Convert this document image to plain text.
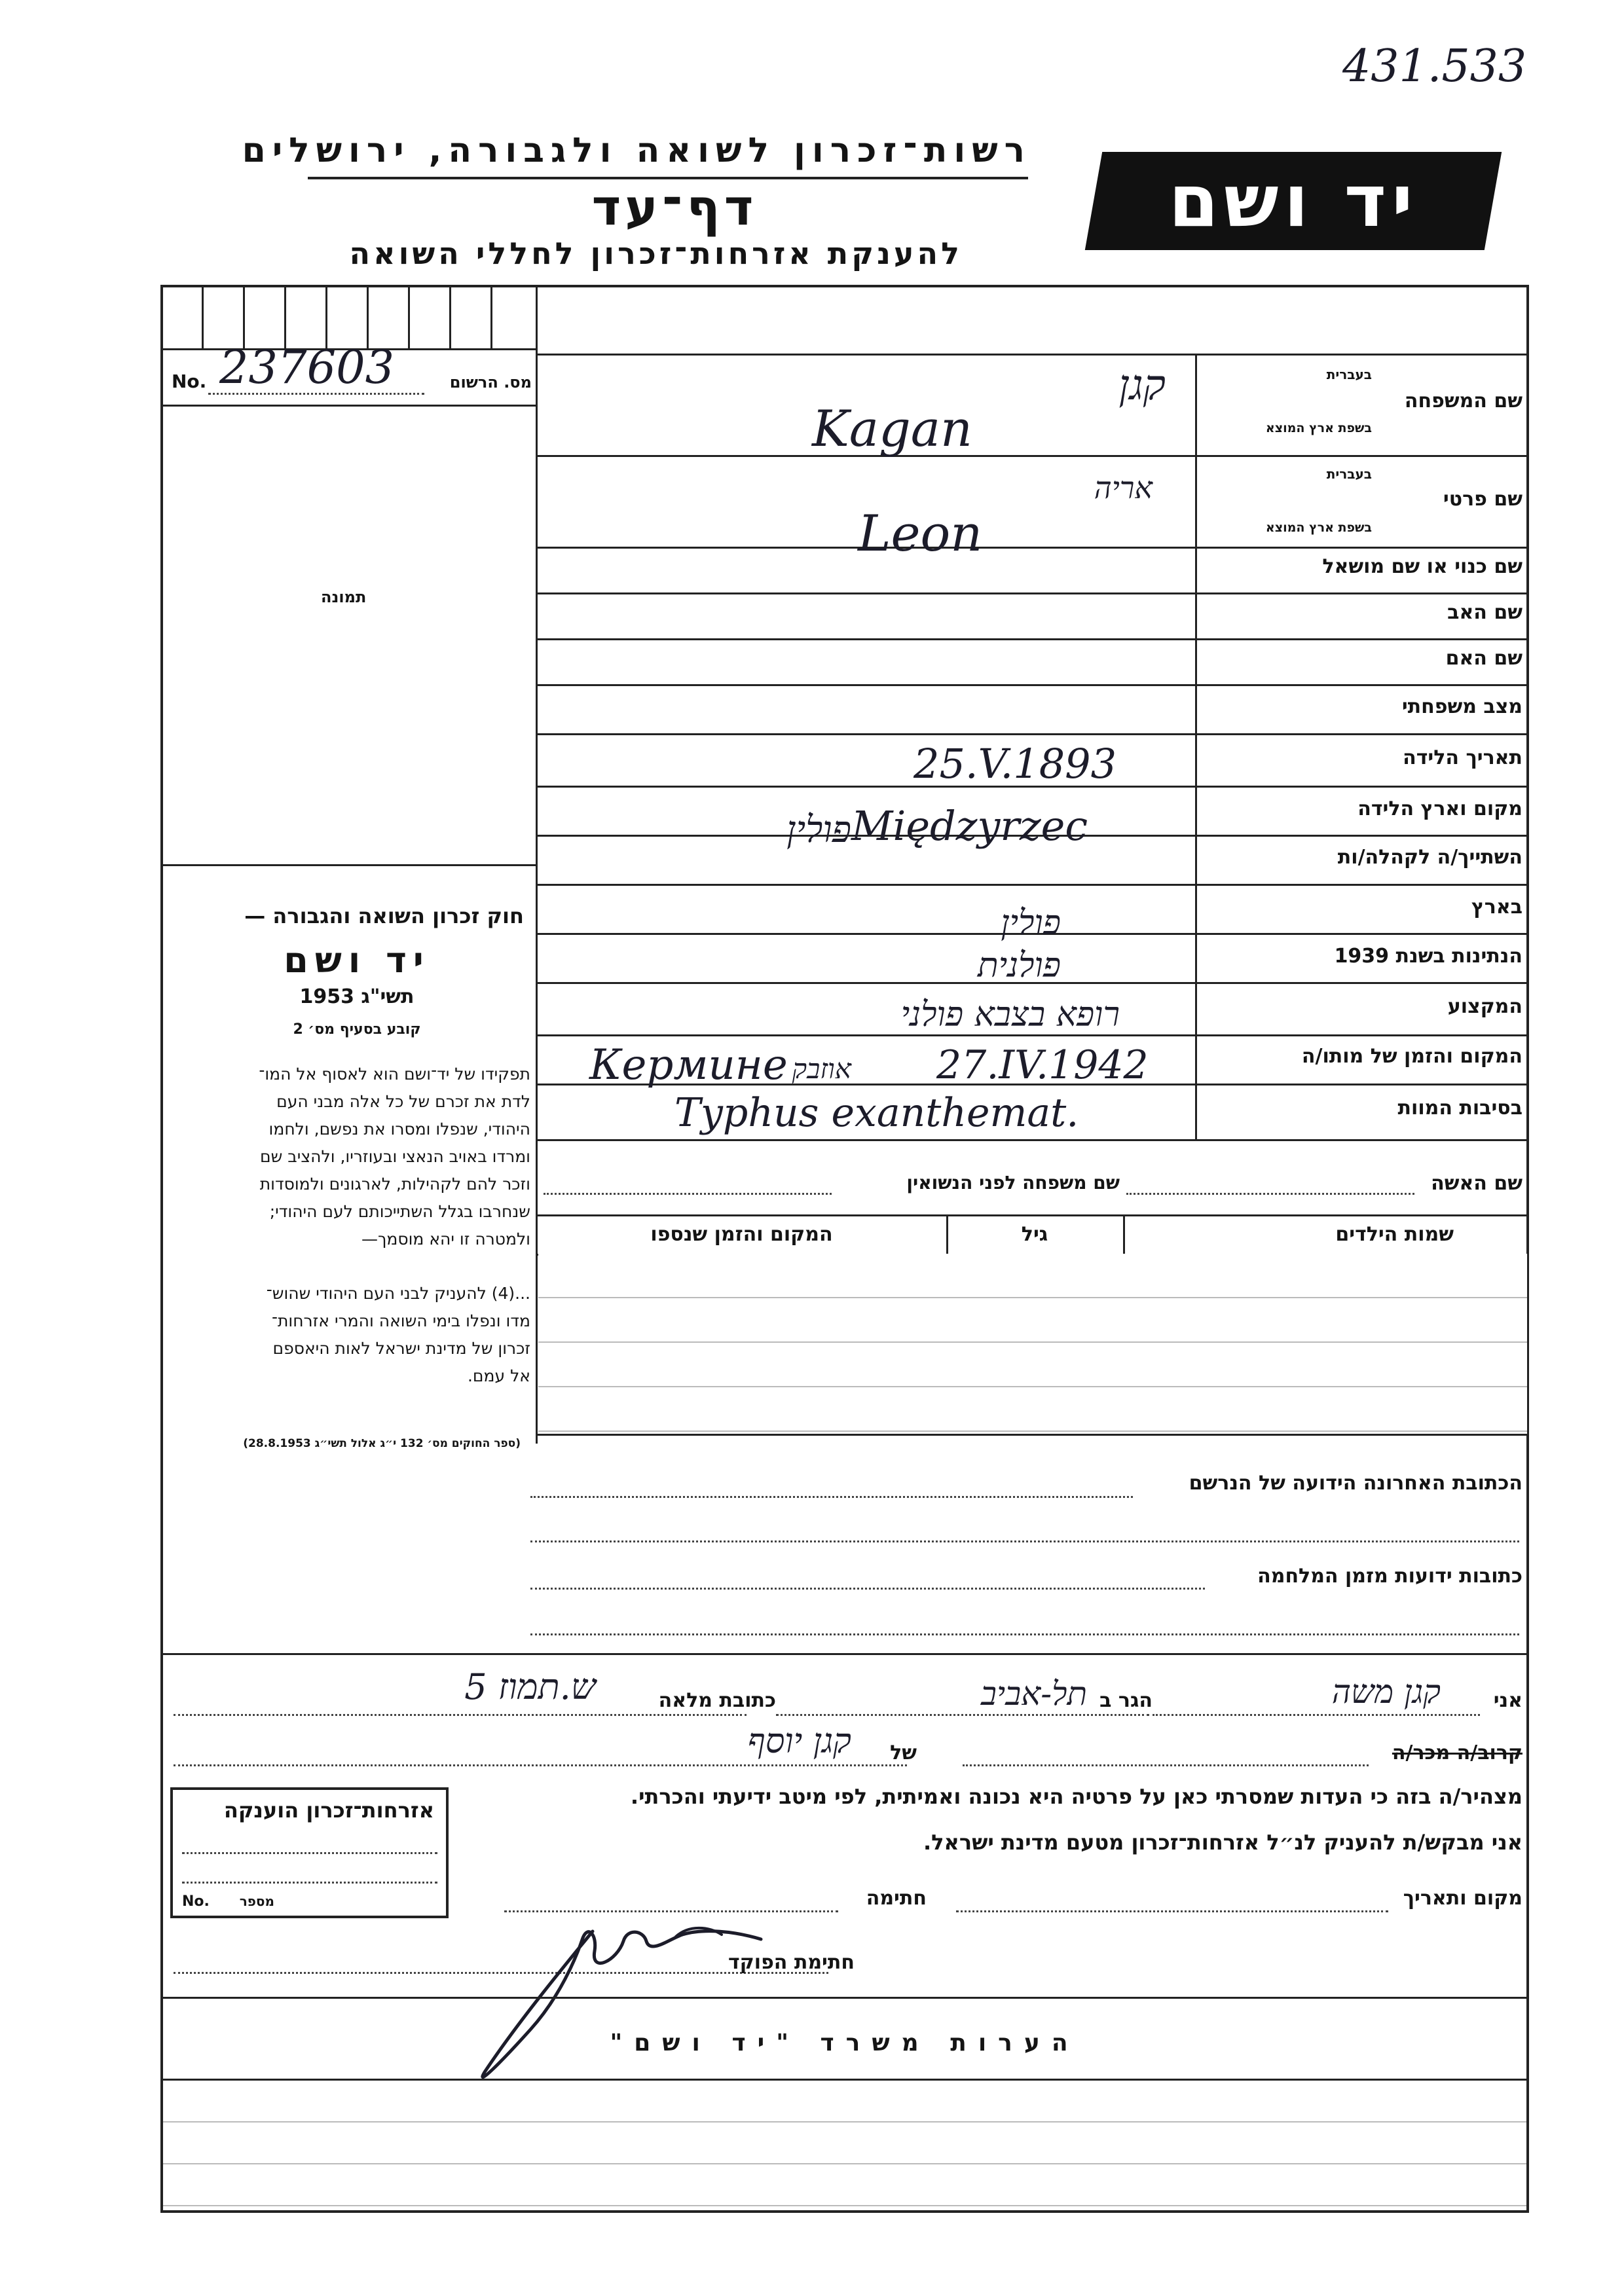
431.533
רשות־זכרון לשואה ולגבורה, ירושלים
דף־עד
להענקת אזרחות־זכרון לחללי השואה
יד ושם
No. 237603	מס. הרשום
תמונה
בעברית
שם המשפחה
בשפת ארץ המוצא
בעברית
שם פרטי
בשפת ארץ המוצא
שם כנוי או שם מושאל
שם האב
שם האם
מצב משפחתי
תאריך הלידה
מקום וארץ הלידה
השתייך/ה לקהלה/ות
בארץ
הנתינות בשנת 1939
המקצוע
המקום והזמן של מותו/ה
בסיבות המוות
קגן
Kagan
אריה
Leon
25.V.1893
פולין Międzyrzec
פולין
פולנית
רופא בצבא פולני
Кермине אוזבק 27.IV.1942
Typhus exanthemat.
חוק זכרון השואה והגבורה —
יד ושם
תשי"ג 1953
קובע בסעיף מס׳ 2
תפקידו של יד־ושם הוא לאסוף אל המו־
לדת את זכרם של כל אלה מבני העם
היהודי, שנפלו ומסרו את נפשם, ולחמו
ומרדו באויב הנאצי ובעוזריו, ולהציב שם
וזכר להם לקהילות, לארגונים ולמוסדות
שנחרבו בגלל השתייכותם לעם היהודי;
ולמטרה זו יהא מוסמך—
...(4) להעניק לבני העם היהודי שהוש־
מדו ונפלו בימי השואה והמרי אזרחות־
זכרון של מדינת ישראל לאות היאספם
אל עמם.
(ספר החוקים מס׳ 132 י״ג אלול תשי״ג 28.8.1953)
שם האשה
שם משפחה לפני הנשואין
שמות הילדים
גיל
המקום והזמן שנספו
הכתובת האחרונה הידועה של הנרשם
כתובות ידועות מזמן המלחמה
אני
קגן משה
הגר ב
תל-אביב
כתובת מלאה
ש.תמוז 5
קרוב/ה מכר/ה
של
קגן יוסף
מצהיר/ה בזה כי העדות שמסרתי כאן על פרטיה היא נכונה ואמיתית, לפי מיטב ידיעתי והכרתי.
אני מבקש/ת להעניק לנ״ל אזרחות־זכרון מטעם מדינת ישראל.
מקום ותאריך
חתימה
אזרחות־זכרון הוענקה
No. מספר
חתימת הפוקד
הערות משרד "יד ושם"
